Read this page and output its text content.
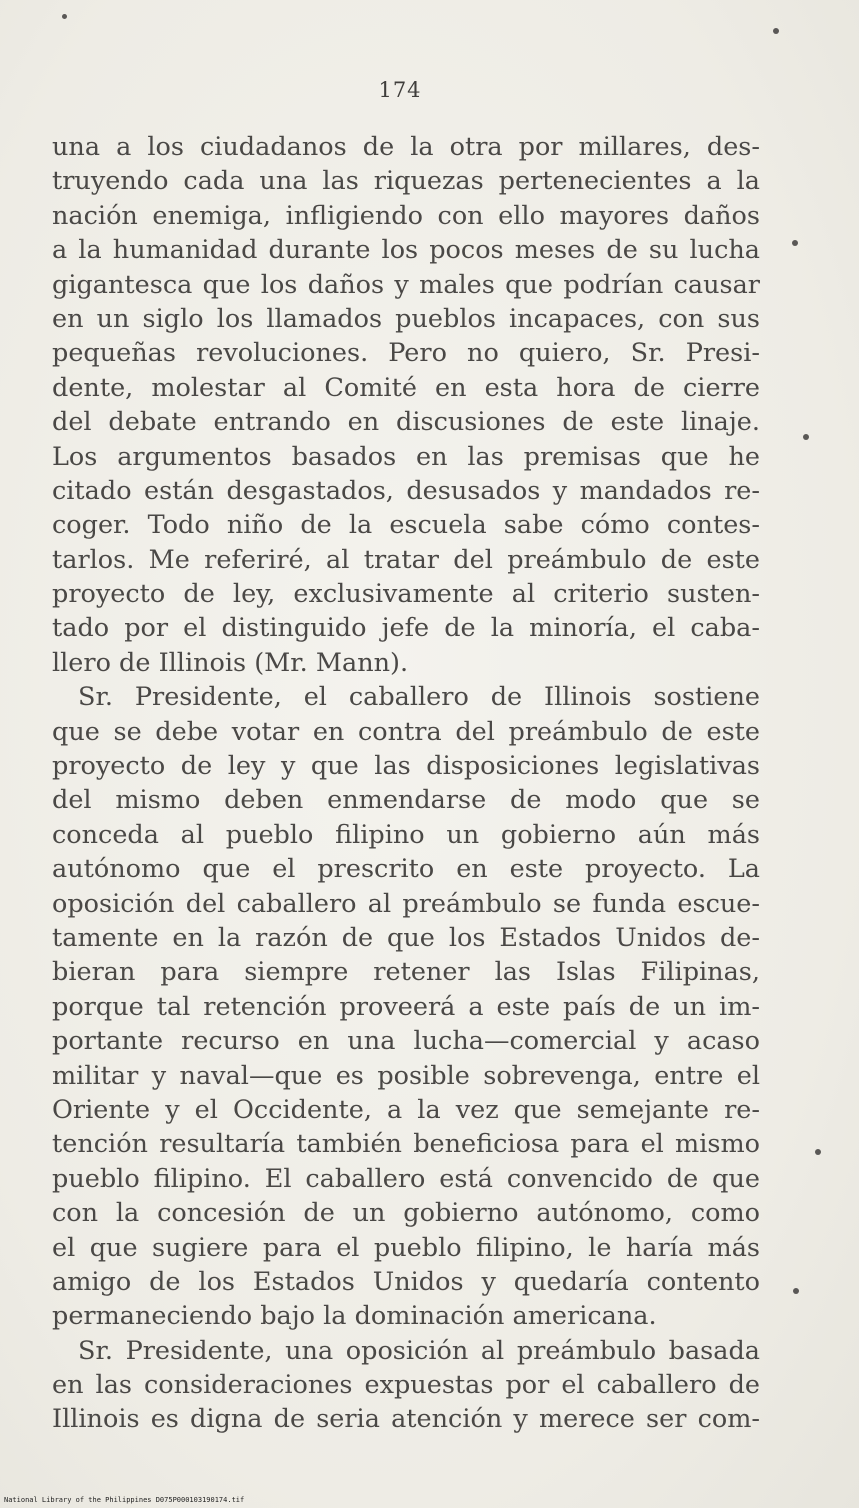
174
una a los ciudadanos de la otra por millares, des-
truyendo cada una las riquezas pertenecientes a la
nación enemiga, infligiendo con ello mayores daños
a la humanidad durante los pocos meses de su lucha
gigantesca que los daños y males que podrían causar
en un siglo los llamados pueblos incapaces, con sus
pequeñas revoluciones. Pero no quiero, Sr. Presi-
dente, molestar al Comité en esta hora de cierre
del debate entrando en discusiones de este linaje.
Los argumentos basados en las premisas que he
citado están desgastados, desusados y mandados re-
coger. Todo niño de la escuela sabe cómo contes-
tarlos. Me referiré, al tratar del preámbulo de este
proyecto de ley, exclusivamente al criterio susten-
tado por el distinguido jefe de la minoría, el caba-
llero de Illinois (Mr. Mann).
Sr. Presidente, el caballero de Illinois sostiene
que se debe votar en contra del preámbulo de este
proyecto de ley y que las disposiciones legislativas
del mismo deben enmendarse de modo que se
conceda al pueblo filipino un gobierno aún más
autónomo que el prescrito en este proyecto. La
oposición del caballero al preámbulo se funda escue-
tamente en la razón de que los Estados Unidos de-
bieran para siempre retener las Islas Filipinas,
porque tal retención proveerá a este país de un im-
portante recurso en una lucha—comercial y acaso
militar y naval—que es posible sobrevenga, entre el
Oriente y el Occidente, a la vez que semejante re-
tención resultaría también beneficiosa para el mismo
pueblo filipino. El caballero está convencido de que
con la concesión de un gobierno autónomo, como
el que sugiere para el pueblo filipino, le haría más
amigo de los Estados Unidos y quedaría contento
permaneciendo bajo la dominación americana.
Sr. Presidente, una oposición al preámbulo basada
en las consideraciones expuestas por el caballero de
Illinois es digna de seria atención y merece ser com-
National Library of the Philippines D075P000103190174.tif
